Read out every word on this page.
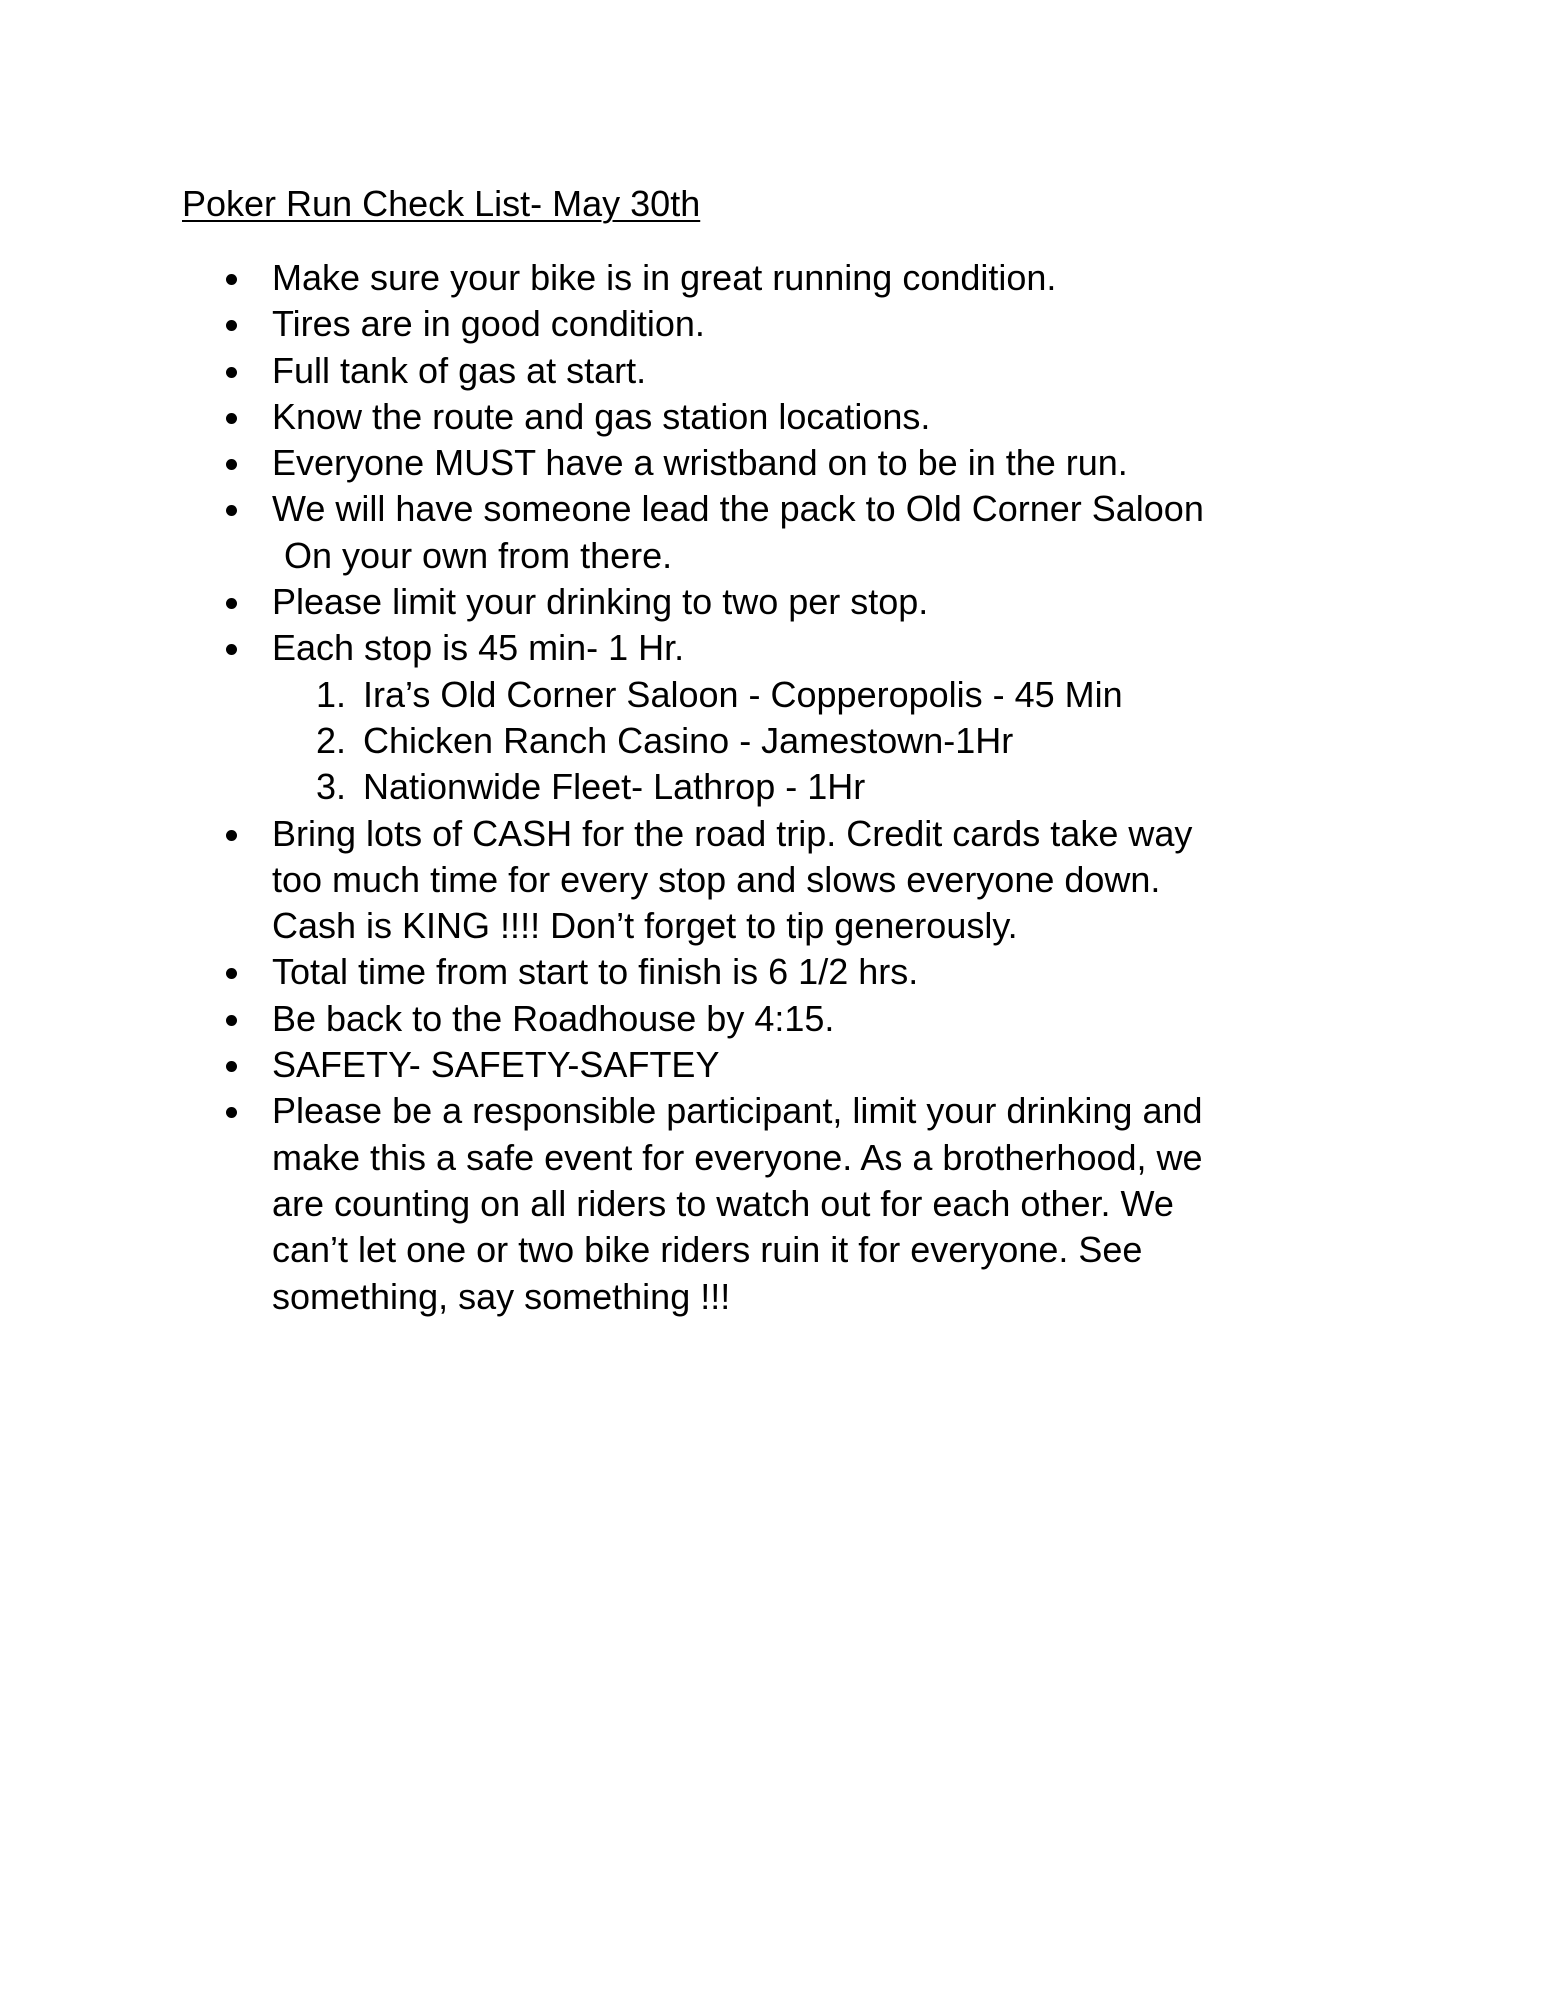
Poker Run Check List- May 30th
Make sure your bike is in great running condition.
Tires are in good condition.
Full tank of gas at start.
Know the route and gas station locations.
Everyone MUST have a wristband on to be in the run.
We will have someone lead the pack to Old Corner Saloon
On your own from there.
Please limit your drinking to two per stop.
Each stop is 45 min- 1 Hr.
1. Ira’s Old Corner Saloon - Copperopolis - 45 Min
2. Chicken Ranch Casino - Jamestown-1Hr
3. Nationwide Fleet- Lathrop - 1Hr
Bring lots of CASH for the road trip. Credit cards take way
too much time for every stop and slows everyone down.
Cash is KING !!!! Don’t forget to tip generously.
Total time from start to finish is 6 1/2 hrs.
Be back to the Roadhouse by 4:15.
SAFETY- SAFETY-SAFTEY
Please be a responsible participant, limit your drinking and
make this a safe event for everyone. As a brotherhood, we
are counting on all riders to watch out for each other. We
can’t let one or two bike riders ruin it for everyone. See
something, say something !!!
